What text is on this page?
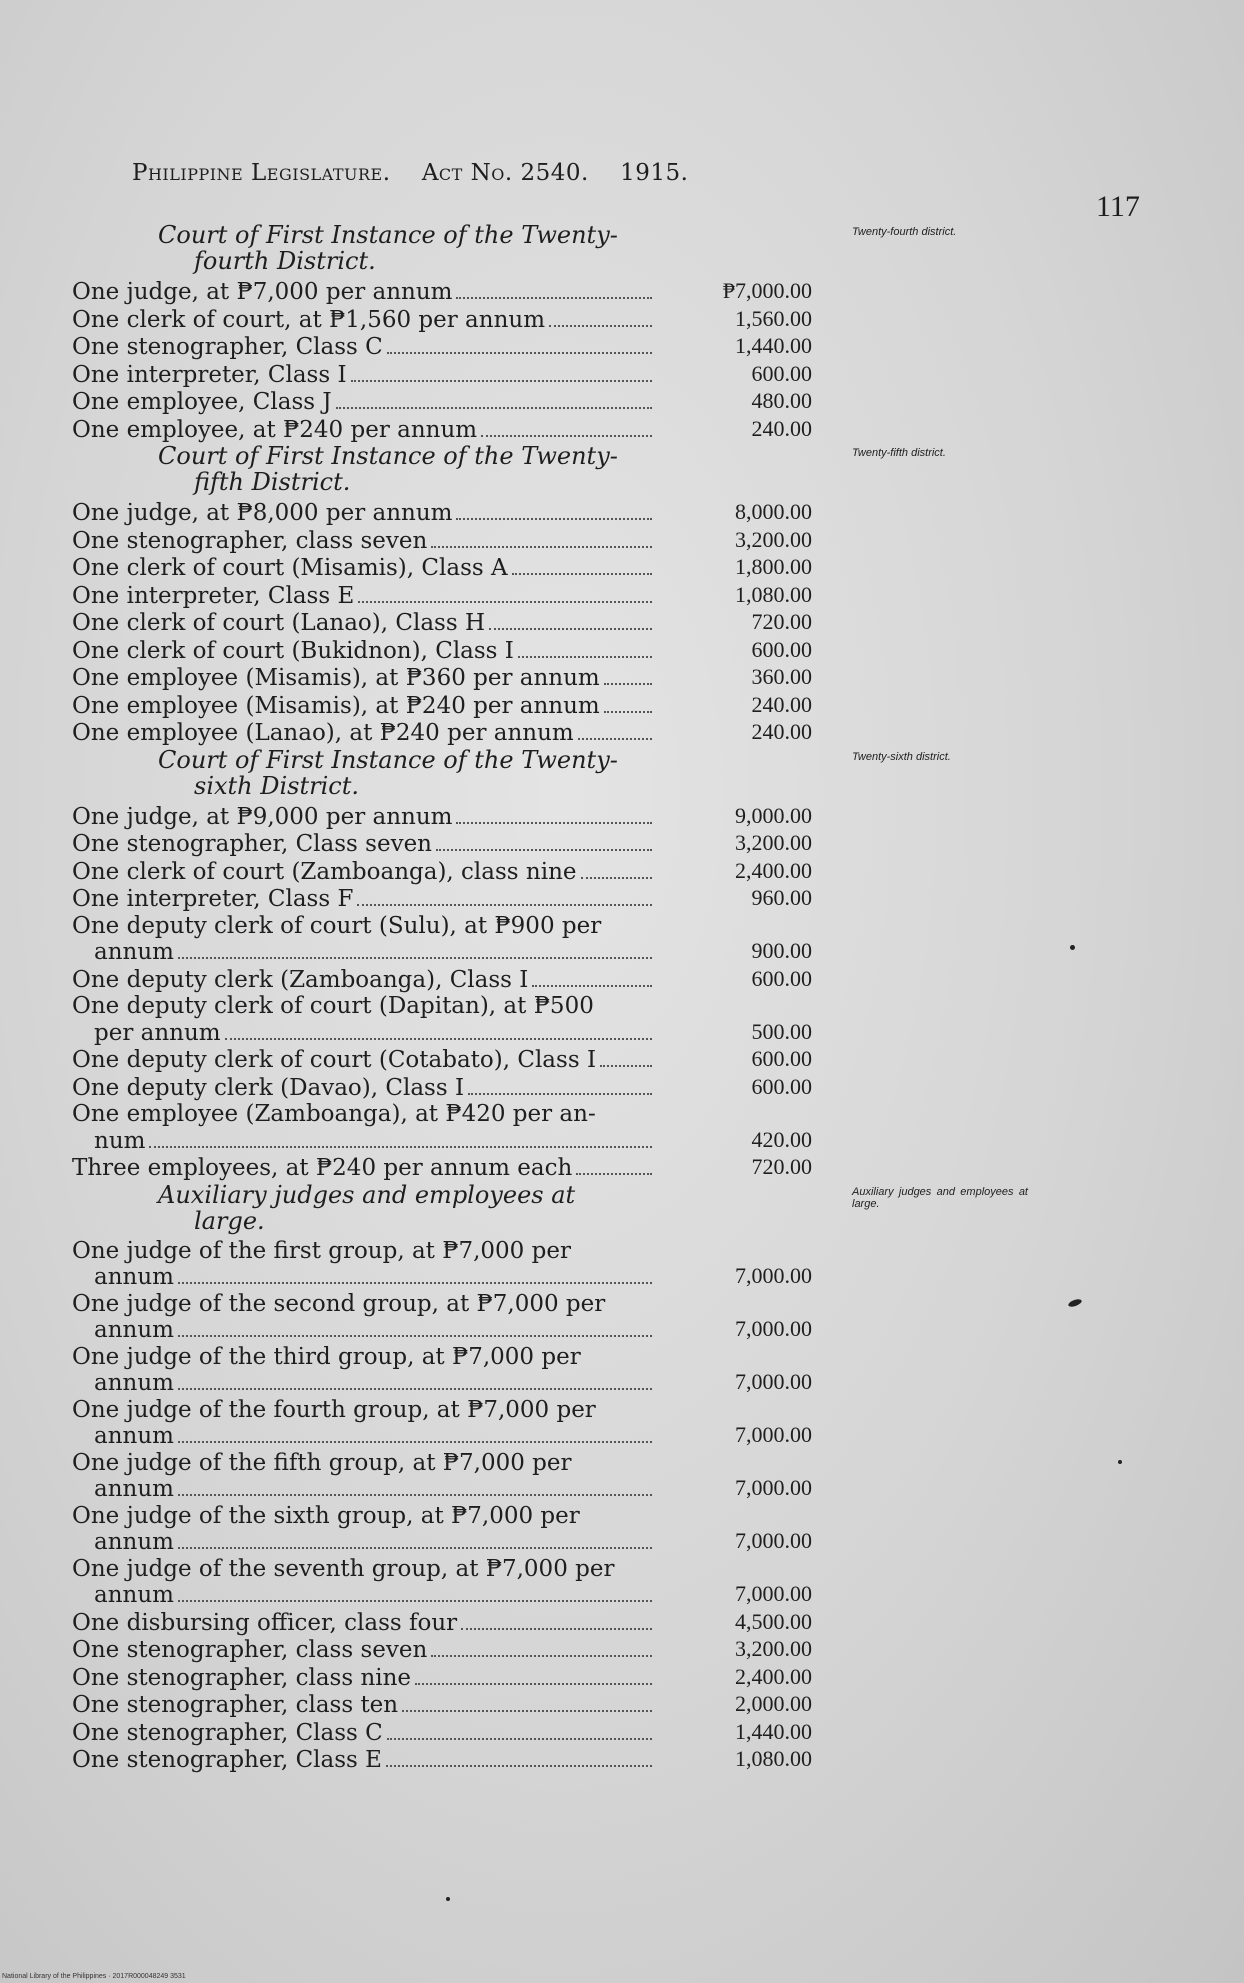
Philippine Legislature. Act No. 2540. 1915.
117
Court of First Instance of the Twenty-
fourth District.
Twenty-fourth district.
One judge, at ₱7,000 per annum	₱7,000.00
One clerk of court, at ₱1,560 per annum	1,560.00
One stenographer, Class C	1,440.00
One interpreter, Class I	600.00
One employee, Class J	480.00
One employee, at ₱240 per annum	240.00
Court of First Instance of the Twenty-
fifth District.
Twenty-fifth district.
One judge, at ₱8,000 per annum	8,000.00
One stenographer, class seven	3,200.00
One clerk of court (Misamis), Class A	1,800.00
One interpreter, Class E	1,080.00
One clerk of court (Lanao), Class H	720.00
One clerk of court (Bukidnon), Class I	600.00
One employee (Misamis), at ₱360 per annum	360.00
One employee (Misamis), at ₱240 per annum	240.00
One employee (Lanao), at ₱240 per annum	240.00
Court of First Instance of the Twenty-
sixth District.
Twenty-sixth district.
One judge, at ₱9,000 per annum	9,000.00
One stenographer, Class seven	3,200.00
One clerk of court (Zamboanga), class nine	2,400.00
One interpreter, Class F	960.00
One deputy clerk of court (Sulu), at ₱900 per
annum	900.00
One deputy clerk (Zamboanga), Class I	600.00
One deputy clerk of court (Dapitan), at ₱500
per annum	500.00
One deputy clerk of court (Cotabato), Class I	600.00
One deputy clerk (Davao), Class I	600.00
One employee (Zamboanga), at ₱420 per an-
num	420.00
Three employees, at ₱240 per annum each	720.00
Auxiliary judges and employees at
large.
Auxiliary judges and employees at large.
One judge of the first group, at ₱7,000 per
annum	7,000.00
One judge of the second group, at ₱7,000 per
annum	7,000.00
One judge of the third group, at ₱7,000 per
annum	7,000.00
One judge of the fourth group, at ₱7,000 per
annum	7,000.00
One judge of the fifth group, at ₱7,000 per
annum	7,000.00
One judge of the sixth group, at ₱7,000 per
annum	7,000.00
One judge of the seventh group, at ₱7,000 per
annum	7,000.00
One disbursing officer, class four	4,500.00
One stenographer, class seven	3,200.00
One stenographer, class nine	2,400.00
One stenographer, class ten	2,000.00
One stenographer, Class C	1,440.00
One stenographer, Class E	1,080.00
National Library of the Philippines · 2017R000048249 3531
